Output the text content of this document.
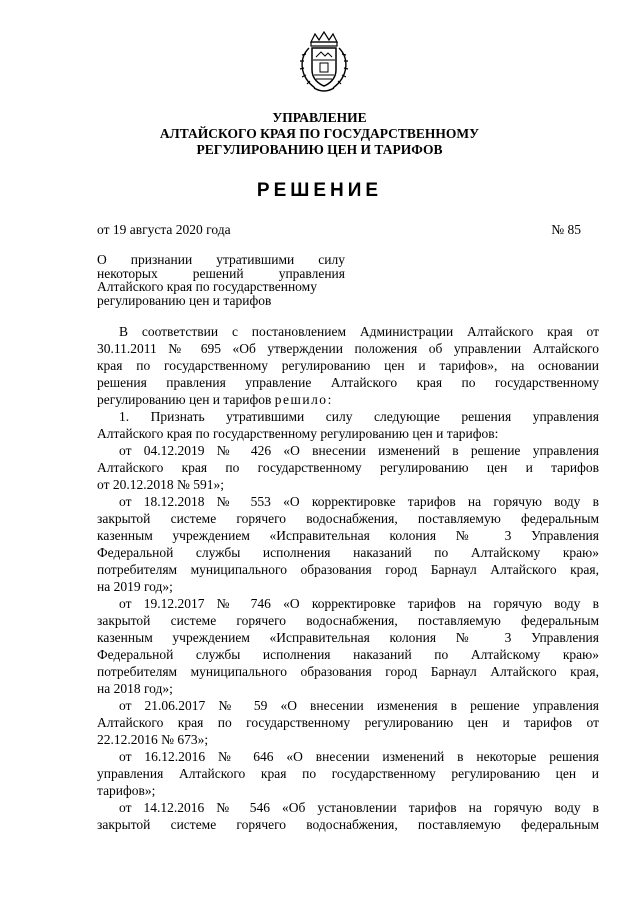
УПРАВЛЕНИЕ
АЛТАЙСКОГО КРАЯ ПО ГОСУДАРСТВЕННОМУ
РЕГУЛИРОВАНИЮ ЦЕН И ТАРИФОВ
РЕШЕНИЕ
от 19 августа 2020 года	№ 85
О признании утратившими силу
некоторых решений управления
Алтайского края по государственному
регулированию цен и тарифов
В соответствии с постановлением Администрации Алтайского края от
30.11.2011 № 695 «Об утверждении положения об управлении Алтайского
края по государственному регулированию цен и тарифов», на основании
решения правления управление Алтайского края по государственному
регулированию цен и тарифов решило:
1. Признать утратившими силу следующие решения управления
Алтайского края по государственному регулированию цен и тарифов:
от 04.12.2019 № 426 «О внесении изменений в решение управления
Алтайского края по государственному регулированию цен и тарифов
от 20.12.2018 № 591»;
от 18.12.2018 № 553 «О корректировке тарифов на горячую воду в
закрытой системе горячего водоснабжения, поставляемую федеральным
казенным учреждением «Исправительная колония № 3 Управления
Федеральной службы исполнения наказаний по Алтайскому краю»
потребителям муниципального образования город Барнаул Алтайского края,
на 2019 год»;
от 19.12.2017 № 746 «О корректировке тарифов на горячую воду в
закрытой системе горячего водоснабжения, поставляемую федеральным
казенным учреждением «Исправительная колония № 3 Управления
Федеральной службы исполнения наказаний по Алтайскому краю»
потребителям муниципального образования город Барнаул Алтайского края,
на 2018 год»;
от 21.06.2017 № 59 «О внесении изменения в решение управления
Алтайского края по государственному регулированию цен и тарифов от
22.12.2016 № 673»;
от 16.12.2016 № 646 «О внесении изменений в некоторые решения
управления Алтайского края по государственному регулированию цен и
тарифов»;
от 14.12.2016 № 546 «Об установлении тарифов на горячую воду в
закрытой системе горячего водоснабжения, поставляемую федеральным
